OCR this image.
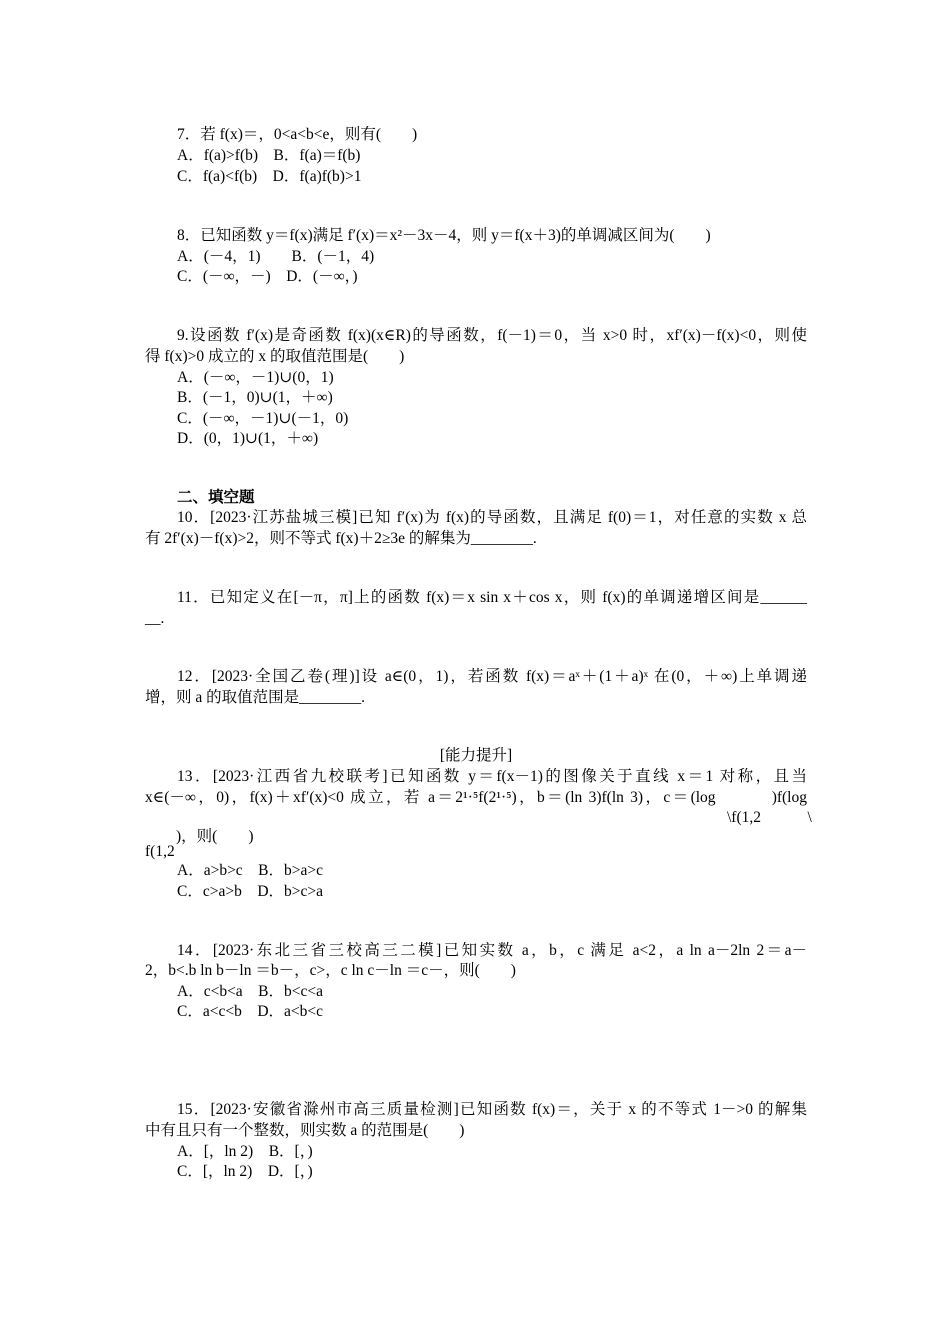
7．若 f(x)＝，0<a<b<e，则有(　　)
A．f(a)>f(b)　B．f(a)＝f(b)
C．f(a)<f(b)　D．f(a)f(b)>1
8．已知函数 y＝f(x)满足 f′(x)＝x²－3x－4，则 y＝f(x＋3)的单调减区间为(　　)
A．(－4，1)　　B．(－1，4)
C．(－∞，－)　D．(－∞，)
9.设函数 f′(x)是奇函数 f(x)(x∈R)的导函数，f(－1)＝0，当 x>0 时，xf′(x)－f(x)<0，则使
得 f(x)>0 成立的 x 的取值范围是(　　)
A．(－∞，－1)∪(0，1)
B．(－1，0)∪(1，＋∞)
C．(－∞，－1)∪(－1，0)
D．(0，1)∪(1，＋∞)
二、填空题
10．[2023·江苏盐城三模]已知 f′(x)为 f(x)的导函数，且满足 f(0)＝1，对任意的实数 x 总
有 2f′(x)－f(x)>2，则不等式 f(x)＋2≥3e 的解集为________.
11．已知定义在[－π，π]上的函数 f(x)＝x sin x＋cos x，则 f(x)的单调递增区间是______
__.
12．[2023·全国乙卷(理)]设 a∈(0，1)，若函数 f(x)＝aˣ＋(1＋a)ˣ 在(0，＋∞)上单调递
增，则 a 的取值范围是________.
[能力提升]
13．[2023·江西省九校联考]已知函数 y＝f(x－1)的图像关于直线 x＝1 对称，且当
x∈(－∞，0)，f(x)＋xf′(x)<0 成立，若 a＝2¹·⁵f(2¹·⁵)，b＝(ln 3)f(ln 3)，c＝(log　　　)f(log
\f(1,2　　　\
　　)，则(　　)
f(1,2
A．a>b>c　B．b>a>c
C．c>a>b　D．b>c>a
14．[2023·东北三省三校高三二模]已知实数 a，b，c 满足 a<2，a ln a－2ln 2＝a－
2，b<.b ln b－ln ＝b－，c>，c ln c－ln ＝c－，则(　　)
A．c<b<a　B．b<c<a
C．a<c<b　D．a<b<c
15．[2023·安徽省滁州市高三质量检测]已知函数 f(x)＝，关于 x 的不等式 1－>0 的解集
中有且只有一个整数，则实数 a 的范围是(　　)
A．[，ln 2)　B．[，)
C．[，ln 2)　D．[，)
